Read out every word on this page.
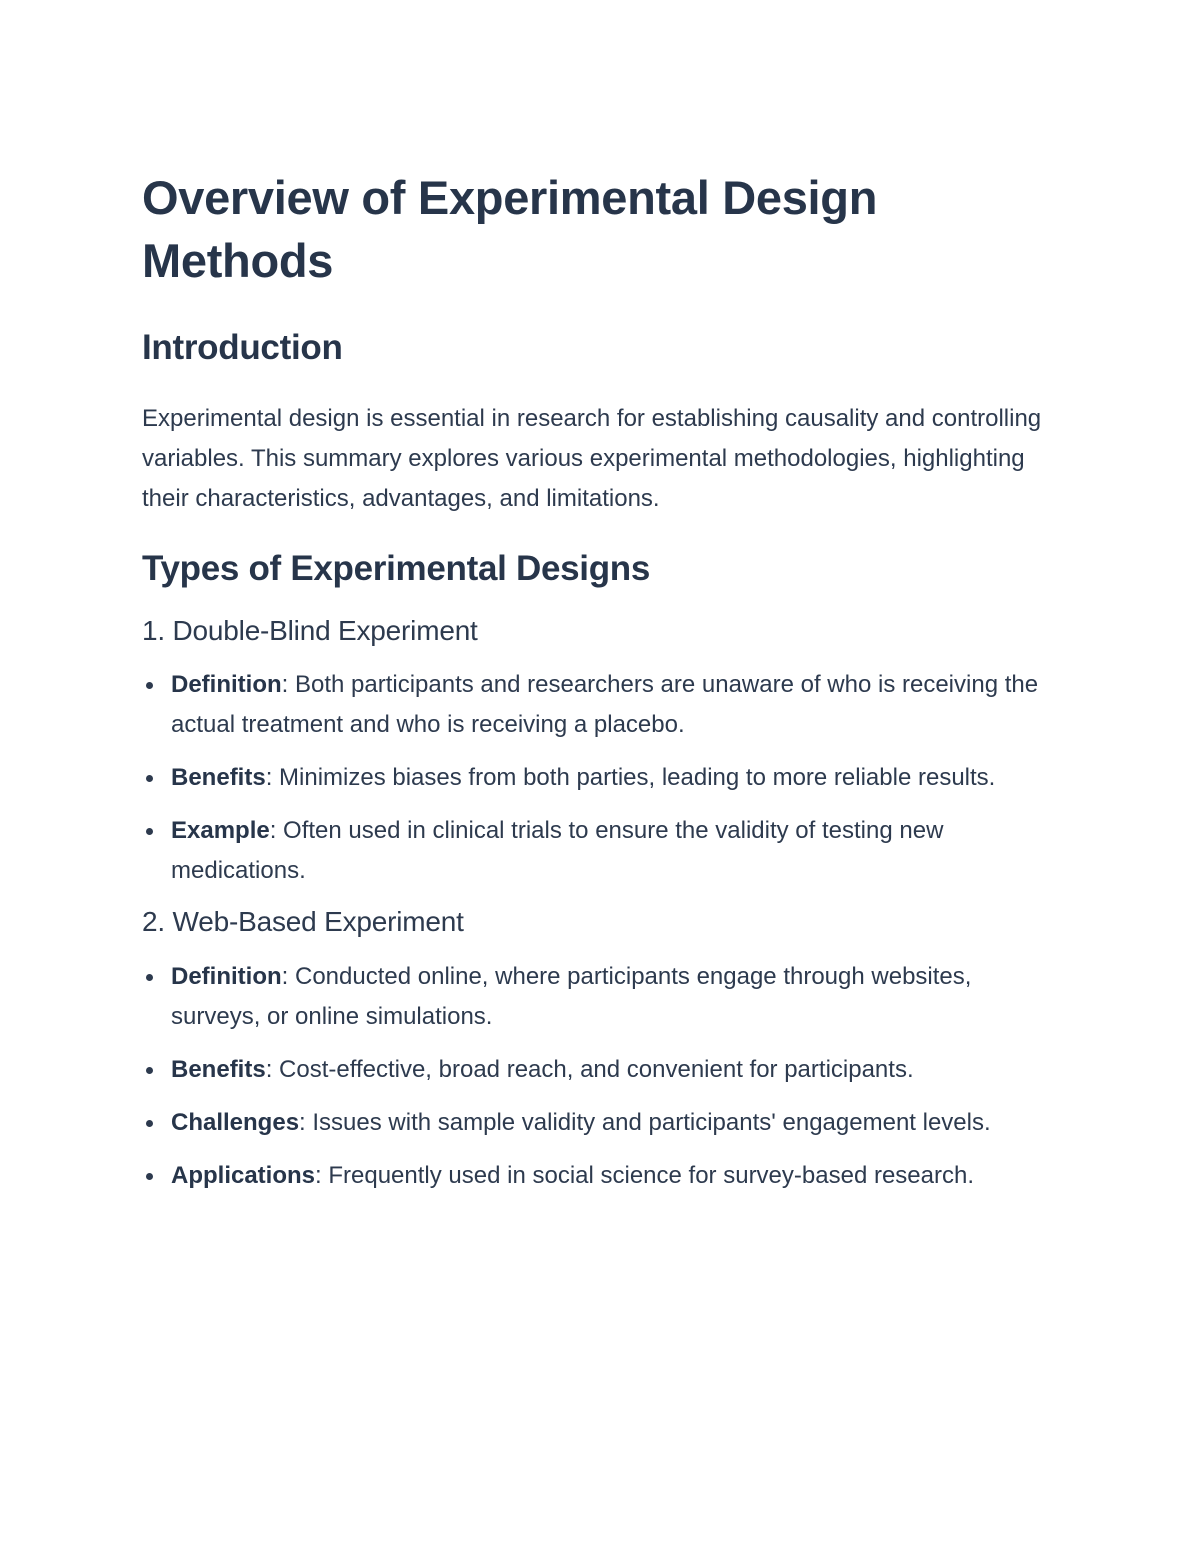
Overview of Experimental Design Methods
Introduction

Experimental design is essential in research for establishing causality and controlling variables. This summary explores various experimental methodologies, highlighting their characteristics, advantages, and limitations.

Types of Experimental Designs
1. Double-Blind Experiment
Definition: Both participants and researchers are unaware of who is receiving the actual treatment and who is receiving a placebo.
Benefits: Minimizes biases from both parties, leading to more reliable results.
Example: Often used in clinical trials to ensure the validity of testing new medications.
2. Web-Based Experiment
Definition: Conducted online, where participants engage through websites, surveys, or online simulations.
Benefits: Cost-effective, broad reach, and convenient for participants.
Challenges: Issues with sample validity and participants' engagement levels.
Applications: Frequently used in social science for survey-based research.
